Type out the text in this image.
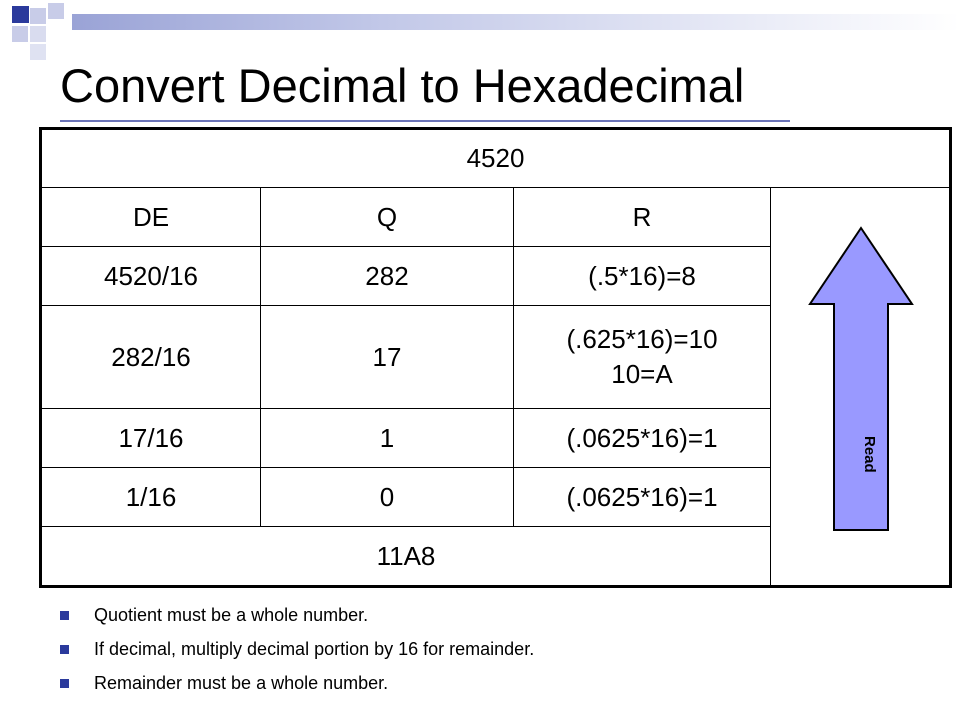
Convert Decimal to Hexadecimal
4520			
DE	Q	R	Read

4520/16	282	(.5*16)=8	
282/16	17	(.625*16)=10
10=A	

17/16	1	(.0625*16)=1	
1/16	0	(.0625*16)=1	
11A8			
Quotient must be a whole number.
If decimal, multiply decimal portion by 16 for remainder.
Remainder must be a whole number.
